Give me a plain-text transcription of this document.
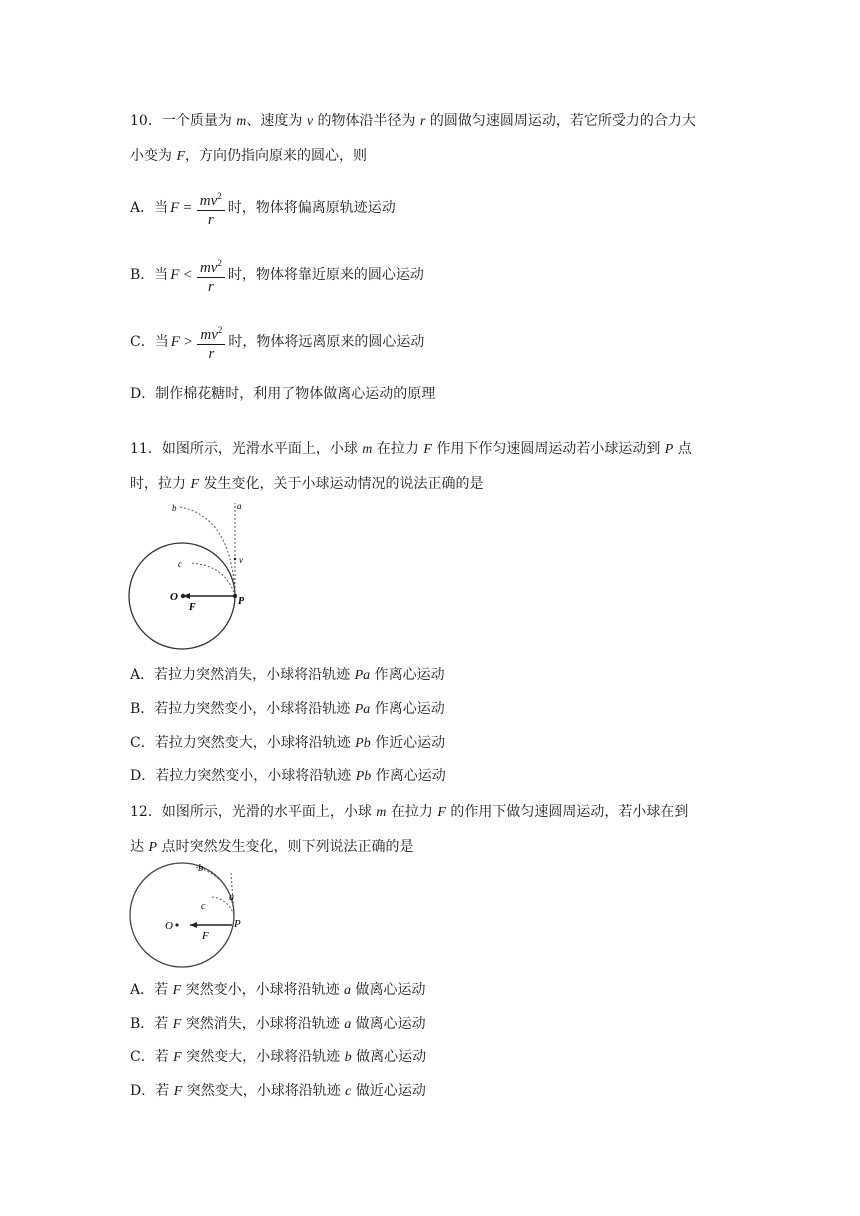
10．一个质量为 m、速度为 v 的物体沿半径为 r 的圆做匀速圆周运动，若它所受力的合力大
小变为 F，方向仍指向原来的圆心，则
A．当 $F = \frac{mv^2}{r}$ 时，物体将偏离原轨迹运动
B．当 $F < \frac{mv^2}{r}$ 时，物体将靠近原来的圆心运动
C．当 $F > \frac{mv^2}{r}$ 时，物体将远离原来的圆心运动
D．制作棉花糖时，利用了物体做离心运动的原理
11．如图所示，光滑水平面上，小球 m 在拉力 F 作用下作匀速圆周运动若小球运动到 P 点
时，拉力 F 发生变化，关于小球运动情况的说法正确的是
a
b
c	v
O
F
P
A．若拉力突然消失，小球将沿轨迹 Pa 作离心运动
B．若拉力突然变小，小球将沿轨迹 Pa 作离心运动
C．若拉力突然变大，小球将沿轨迹 Pb 作近心运动
D．若拉力突然变小，小球将沿轨迹 Pb 作离心运动
12．如图所示，光滑的水平面上，小球 m 在拉力 F 的作用下做匀速圆周运动，若小球在到
达 P 点时突然发生变化，则下列说法正确的是
b
a
c
O
F
P
A．若 F 突然变小，小球将沿轨迹 a 做离心运动
B．若 F 突然消失，小球将沿轨迹 a 做离心运动
C．若 F 突然变大，小球将沿轨迹 b 做离心运动
D．若 F 突然变大，小球将沿轨迹 c 做近心运动
